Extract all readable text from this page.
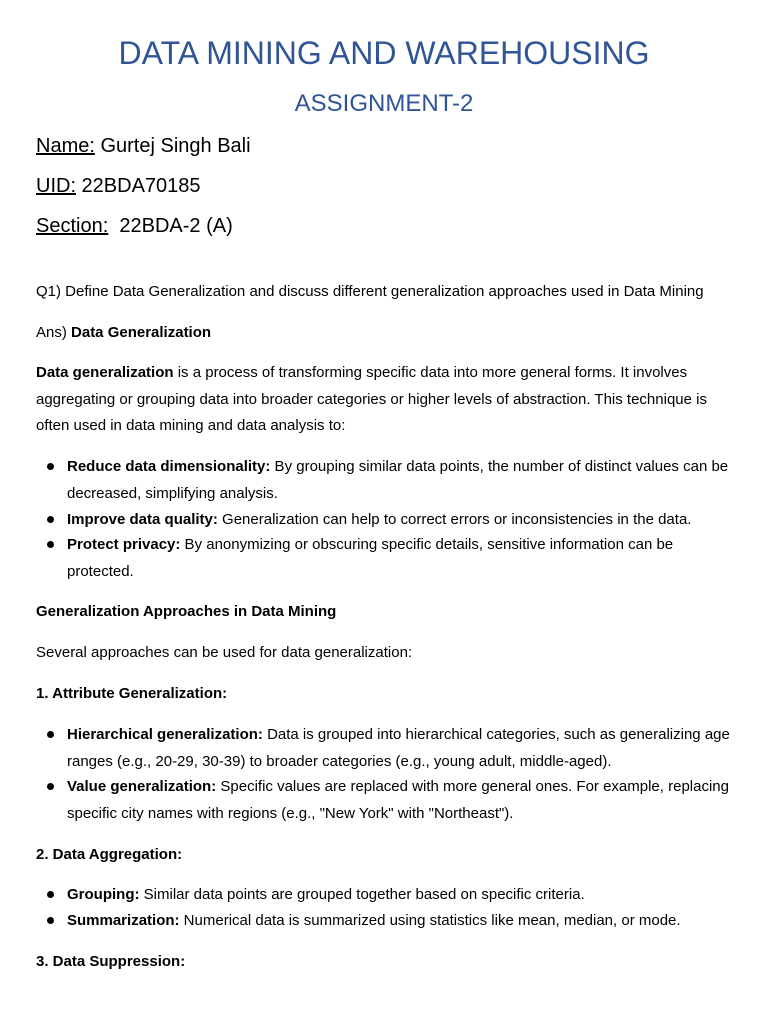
DATA MINING AND WAREHOUSING
ASSIGNMENT-2
Name: Gurtej Singh Bali
UID: 22BDA70185
Section:  22BDA-2 (A)
Q1) Define Data Generalization and discuss different generalization approaches used in Data Mining
Ans) Data Generalization
Data generalization is a process of transforming specific data into more general forms. It involves aggregating or grouping data into broader categories or higher levels of abstraction. This technique is often used in data mining and data analysis to:
Reduce data dimensionality: By grouping similar data points, the number of distinct values can be decreased, simplifying analysis.
Improve data quality: Generalization can help to correct errors or inconsistencies in the data.
Protect privacy: By anonymizing or obscuring specific details, sensitive information can be protected.
Generalization Approaches in Data Mining
Several approaches can be used for data generalization:
1. Attribute Generalization:
Hierarchical generalization: Data is grouped into hierarchical categories, such as generalizing age ranges (e.g., 20-29, 30-39) to broader categories (e.g., young adult, middle-aged).
Value generalization: Specific values are replaced with more general ones. For example, replacing specific city names with regions (e.g., "New York" with "Northeast").
2. Data Aggregation:
Grouping: Similar data points are grouped together based on specific criteria.
Summarization: Numerical data is summarized using statistics like mean, median, or mode.
3. Data Suppression:
